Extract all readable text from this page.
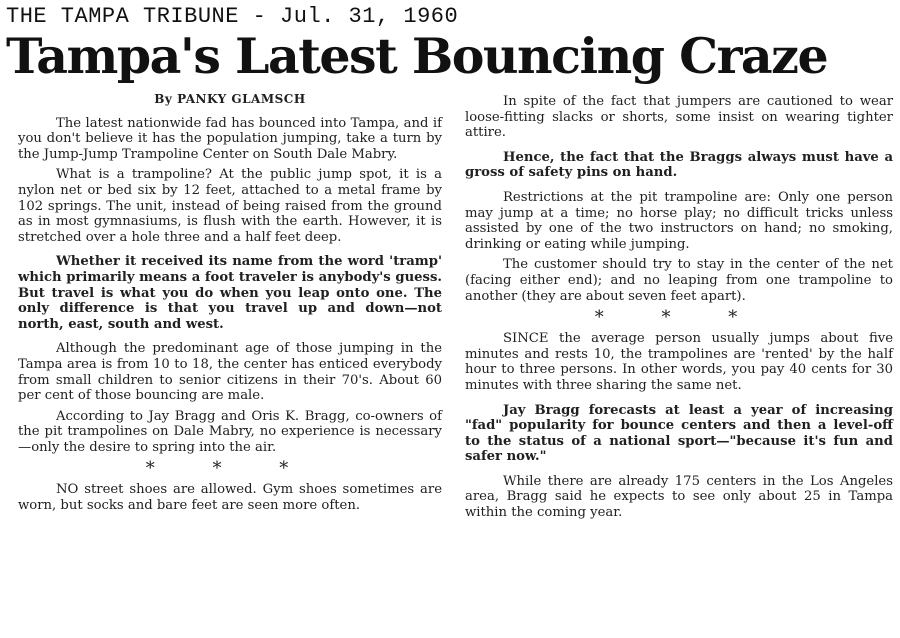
THE TAMPA TRIBUNE - Jul. 31, 1960
Tampa's Latest Bouncing Craze
By PANKY GLAMSCH

The latest nationwide fad has bounced into Tampa, and if you don't believe it has the population jumping, take a turn by the Jump-Jump Trampoline Center on South Dale Mabry.

What is a trampoline? At the public jump spot, it is a nylon net or bed six by 12 feet, attached to a metal frame by 102 springs. The unit, instead of being raised from the ground as in most gymnasiums, is flush with the earth. However, it is stretched over a hole three and a half feet deep.

Whether it received its name from the word 'tramp' which primarily means a foot traveler is anybody's guess. But travel is what you do when you leap onto one. The only difference is that you travel up and down—not north, east, south and west.

Although the predominant age of those jumping in the Tampa area is from 10 to 18, the center has enticed everybody from small children to senior citizens in their 70's. About 60 per cent of those bouncing are male.

According to Jay Bragg and Oris K. Bragg, co-owners of the pit trampolines on Dale Mabry, no experience is necessary—only the desire to spring into the air.

* * *

NO street shoes are allowed. Gym shoes sometimes are worn, but socks and bare feet are seen more often.

In spite of the fact that jumpers are cautioned to wear loose-fitting slacks or shorts, some insist on wearing tighter attire.

Hence, the fact that the Braggs always must have a gross of safety pins on hand.

Restrictions at the pit trampoline are: Only one person may jump at a time; no horse play; no difficult tricks unless assisted by one of the two instructors on hand; no smoking, drinking or eating while jumping.

The customer should try to stay in the center of the net (facing either end); and no leaping from one trampoline to another (they are about seven feet apart).

* * *

SINCE the average person usually jumps about five minutes and rests 10, the trampolines are 'rented' by the half hour to three persons. In other words, you pay 40 cents for 30 minutes with three sharing the same net.

Jay Bragg forecasts at least a year of increasing "fad" popularity for bounce centers and then a level-off to the status of a national sport—"because it's fun and safer now."

While there are already 175 centers in the Los Angeles area, Bragg said he expects to see only about 25 in Tampa within the coming year.
